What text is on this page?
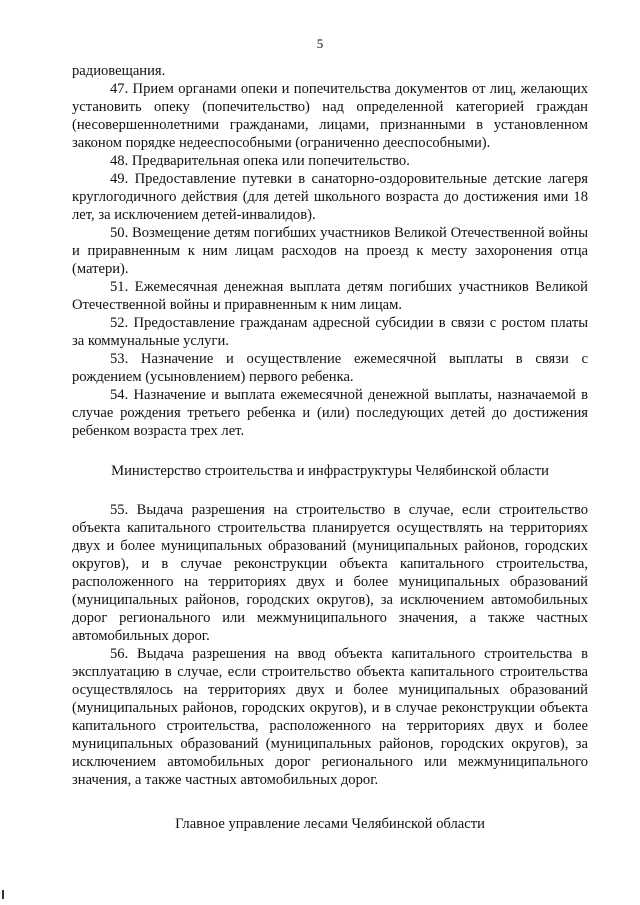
5

радиовещания.

47. Прием органами опеки и попечительства документов от лиц, желающих установить опеку (попечительство) над определенной категорией граждан (несовершеннолетними гражданами, лицами, признанными в установленном законом порядке недееспособными (ограниченно дееспособными).

48. Предварительная опека или попечительство.

49. Предоставление путевки в санаторно-оздоровительные детские лагеря круглогодичного действия (для детей школьного возраста до достижения ими 18 лет, за исключением детей-инвалидов).

50. Возмещение детям погибших участников Великой Отечественной войны и приравненным к ним лицам расходов на проезд к месту захоронения отца (матери).

51. Ежемесячная денежная выплата детям погибших участников Великой Отечественной войны и приравненным к ним лицам.

52. Предоставление гражданам адресной субсидии в связи с ростом платы за коммунальные услуги.

53. Назначение и осуществление ежемесячной выплаты в связи с рождением (усыновлением) первого ребенка.

54. Назначение и выплата ежемесячной денежной выплаты, назначаемой в случае рождения третьего ребенка и (или) последующих детей до достижения ребенком возраста трех лет.

Министерство строительства и инфраструктуры Челябинской области

55. Выдача разрешения на строительство в случае, если строительство объекта капитального строительства планируется осуществлять на территориях двух и более муниципальных образований (муниципальных районов, городских округов), и в случае реконструкции объекта капитального строительства, расположенного на территориях двух и более муниципальных образований (муниципальных районов, городских округов), за исключением автомобильных дорог регионального или межмуниципального значения, а также частных автомобильных дорог.

56. Выдача разрешения на ввод объекта капитального строительства в эксплуатацию в случае, если строительство объекта капитального строительства осуществлялось на территориях двух и более муниципальных образований (муниципальных районов, городских округов), и в случае реконструкции объекта капитального строительства, расположенного на территориях двух и более муниципальных образований (муниципальных районов, городских округов), за исключением автомобильных дорог регионального или межмуниципального значения, а также частных автомобильных дорог.

Главное управление лесами Челябинской области
